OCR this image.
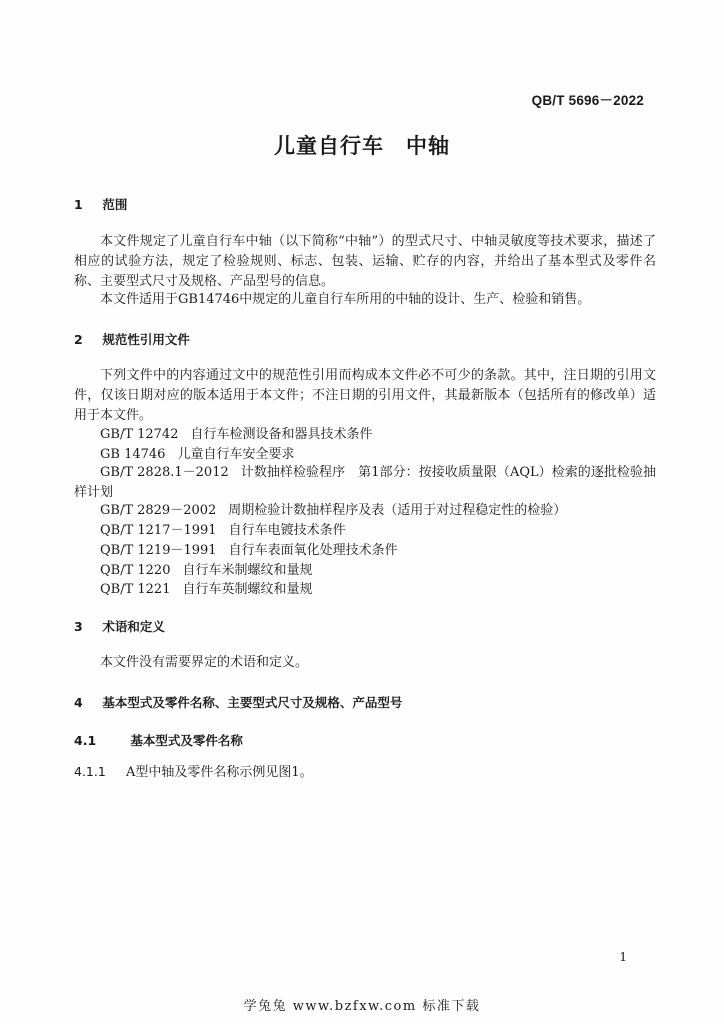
QB/T 5696－2022
儿童自行车　中轴
1 范围
本文件规定了儿童自行车中轴（以下简称“中轴”）的型式尺寸、中轴灵敏度等技术要求，描述了相应的试验方法，规定了检验规则、标志、包装、运输、贮存的内容，并给出了基本型式及零件名称、主要型式尺寸及规格、产品型号的信息。
本文件适用于GB14746中规定的儿童自行车所用的中轴的设计、生产、检验和销售。
2 规范性引用文件
下列文件中的内容通过文中的规范性引用而构成本文件必不可少的条款。其中，注日期的引用文件，仅该日期对应的版本适用于本文件；不注日期的引用文件，其最新版本（包括所有的修改单）适用于本文件。
GB/T 12742 自行车检测设备和器具技术条件
GB 14746 儿童自行车安全要求
GB/T 2828.1－2012 计数抽样检验程序　第1部分：按接收质量限（AQL）检索的逐批检验抽样计划
GB/T 2829－2002 周期检验计数抽样程序及表（适用于对过程稳定性的检验）
QB/T 1217－1991 自行车电镀技术条件
QB/T 1219－1991 自行车表面氧化处理技术条件
QB/T 1220 自行车米制螺纹和量规
QB/T 1221 自行车英制螺纹和量规
3 术语和定义
本文件没有需要界定的术语和定义。
4 基本型式及零件名称、主要型式尺寸及规格、产品型号
4.1	基本型式及零件名称
4.1.1 A型中轴及零件名称示例见图1。
1
学兔兔 www.bzfxw.com 标准下载
